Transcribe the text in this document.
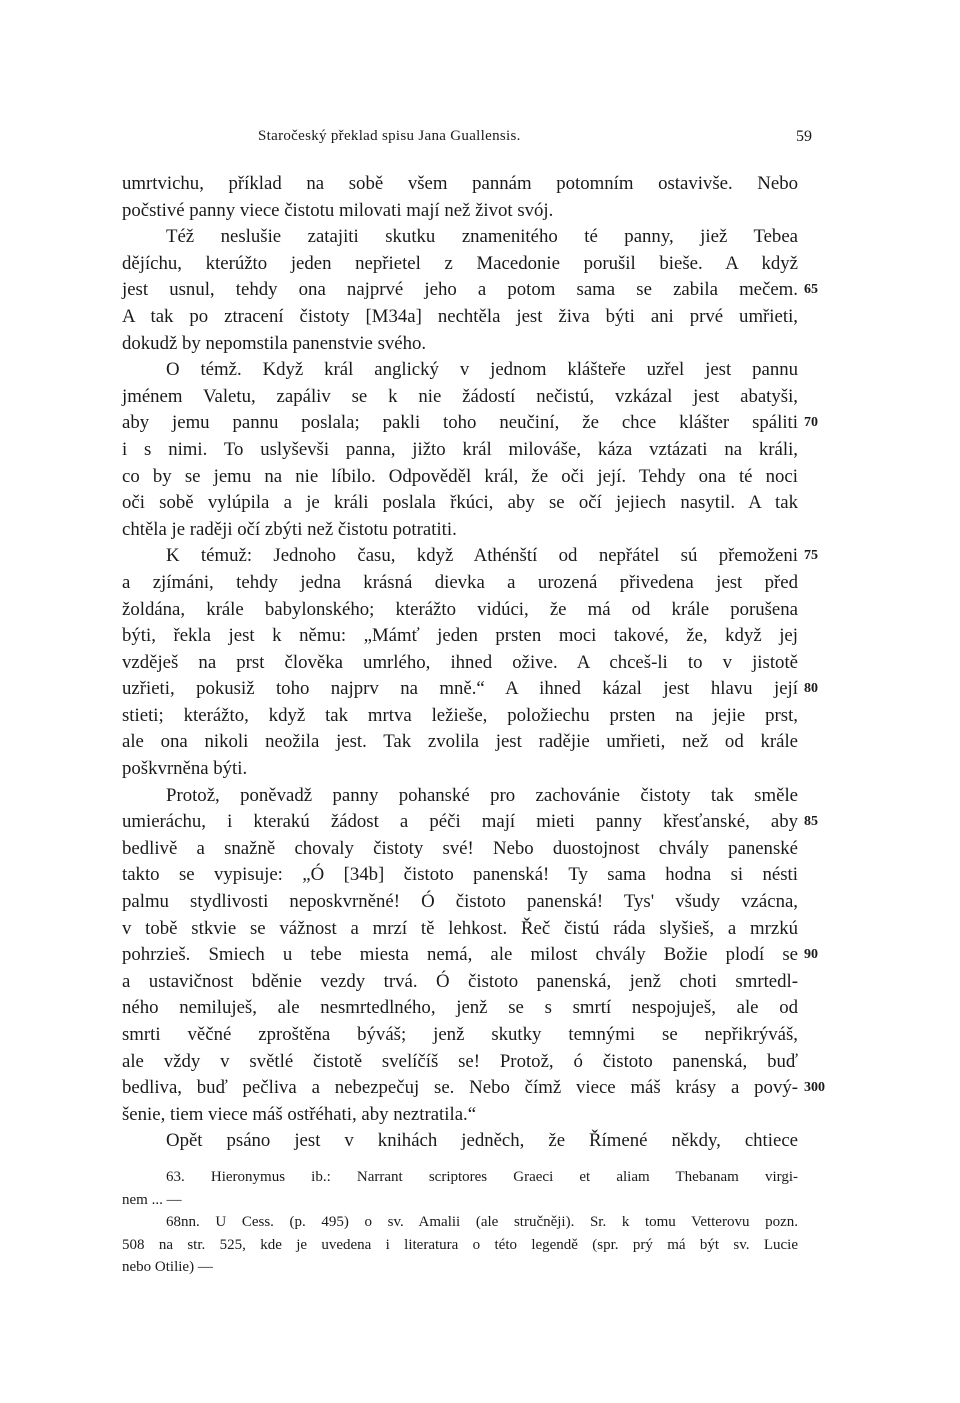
Staročeský překlad spisu Jana Guallensis.	59
umrtvichu, příklad na sobě všem pannám potomním ostavivše. Nebo
počstivé panny viece čistotu milovati mají než život svój.
Též neslušie zatajiti skutku znamenitého té panny, jiež Tebea
dějíchu, kterúžto jeden nepřietel z Macedonie porušil bieše. A když
jest usnul, tehdy ona najprvé jeho a potom sama se zabila mečem. 65
A tak po ztracení čistoty [M34a] nechtěla jest živa býti ani prvé umřieti,
dokudž by nepomstila panenstvie svého.
O témž. Když král anglický v jednom klášteře uzřel jest pannu
jménem Valetu, zapáliv se k nie žádostí nečistú, vzkázal jest abatyši,
aby jemu pannu poslala; pakli toho neučiní, že chce klášter spáliti 70
i s nimi. To uslyševši panna, jižto král milováše, káza vztázati na králi,
co by se jemu na nie líbilo. Odpověděl král, že oči její. Tehdy ona té noci
oči sobě vylúpila a je králi poslala řkúci, aby se očí jejiech nasytil. A tak
chtěla je raději očí zbýti než čistotu potratiti.
K témuž: Jednoho času, když Athénští od nepřátel sú přemoženi 75
a zjímáni, tehdy jedna krásná dievka a urozená přivedena jest před
žoldána, krále babylonského; kterážto vidúci, že má od krále porušena
býti, řekla jest k němu: „Mámť jeden prsten moci takové, že, když jej
vzděješ na prst člověka umrlého, ihned ožive. A chceš-li to v jistotě
uzřieti, pokusiž toho najprv na mně.“ A ihned kázal jest hlavu její 80
stieti; kterážto, když tak mrtva ležieše, položiechu prsten na jejie prst,
ale ona nikoli neožila jest. Tak zvolila jest radějie umřieti, než od krále
poškvrněna býti.
Protož, poněvadž panny pohanské pro zachovánie čistoty tak směle
umieráchu, i kterakú žádost a péči mají mieti panny křesťanské, aby 85
bedlivě a snažně chovaly čistoty své! Nebo duostojnost chvály panenské
takto se vypisuje: „Ó [34b] čistoto panenská! Ty sama hodna si nésti
palmu stydlivosti neposkvrněné! Ó čistoto panenská! Tys' všudy vzácna,
v tobě stkvie se vážnost a mrzí tě lehkost. Řeč čistú ráda slyšieš, a mrzkú
pohrzieš. Smiech u tebe miesta nemá, ale milost chvály Božie plodí se 90
a ustavičnost bděnie vezdy trvá. Ó čistoto panenská, jenž choti smrtedl-
ného nemiluješ, ale nesmrtedlného, jenž se s smrtí nespojuješ, ale od
smrti věčné zproštěna býváš; jenž skutky temnými se nepřikrýváš,
ale vždy v světlé čistotě svelíčíš se! Protož, ó čistoto panenská, buď
bedliva, buď pečliva a nebezpečuj se. Nebo čímž viece máš krásy a pový- 300
šenie, tiem viece máš ostřéhati, aby neztratila.“
Opět psáno jest v knihách jedněch, že Římené někdy, chtiece
63. Hieronymus ib.: Narrant scriptores Graeci et aliam Thebanam virgi-
nem ... —
68nn. U Cess. (p. 495) o sv. Amalii (ale stručněji). Sr. k tomu Vetterovu pozn.
508 na str. 525, kde je uvedena i literatura o této legendě (spr. prý má být sv. Lucie
nebo Otilie) —
